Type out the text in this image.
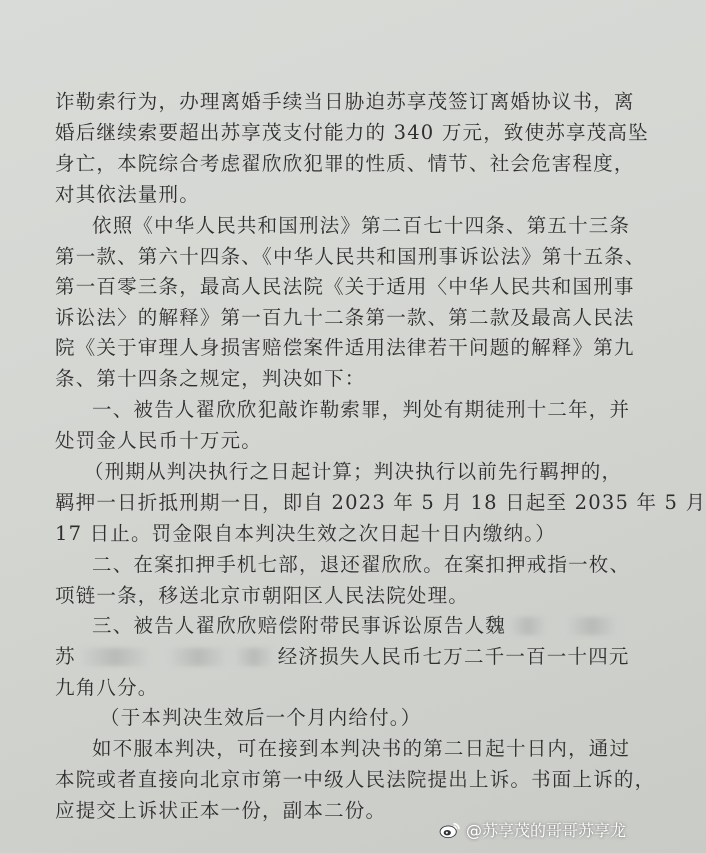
诈勒索行为，办理离婚手续当日胁迫苏享茂签订离婚协议书，离
婚后继续索要超出苏享茂支付能力的 340 万元，致使苏享茂高坠
身亡，本院综合考虑翟欣欣犯罪的性质、情节、社会危害程度，
对其依法量刑。
依照《中华人民共和国刑法》第二百七十四条、第五十三条
第一款、第六十四条、《中华人民共和国刑事诉讼法》第十五条、
第一百零三条，最高人民法院《关于适用〈中华人民共和国刑事
诉讼法〉的解释》第一百九十二条第一款、第二款及最高人民法
院《关于审理人身损害赔偿案件适用法律若干问题的解释》第九
条、第十四条之规定，判决如下：
一、被告人翟欣欣犯敲诈勒索罪，判处有期徒刑十二年，并
处罚金人民币十万元。
（刑期从判决执行之日起计算；判决执行以前先行羁押的，
羁押一日折抵刑期一日，即自 2023 年 5 月 18 日起至 2035 年 5 月
17 日止。罚金限自本判决生效之次日起十日内缴纳。）
二、在案扣押手机七部，退还翟欣欣。在案扣押戒指一枚、
项链一条，移送北京市朝阳区人民法院处理。
三、被告人翟欣欣赔偿附带民事诉讼原告人魏
苏	经济损失人民币七万二千一百一十四元
九角八分。
（于本判决生效后一个月内给付。）
如不服本判决，可在接到本判决书的第二日起十日内，通过
本院或者直接向北京市第一中级人民法院提出上诉。书面上诉的，
应提交上诉状正本一份，副本二份。
@苏享茂的哥哥苏享龙
